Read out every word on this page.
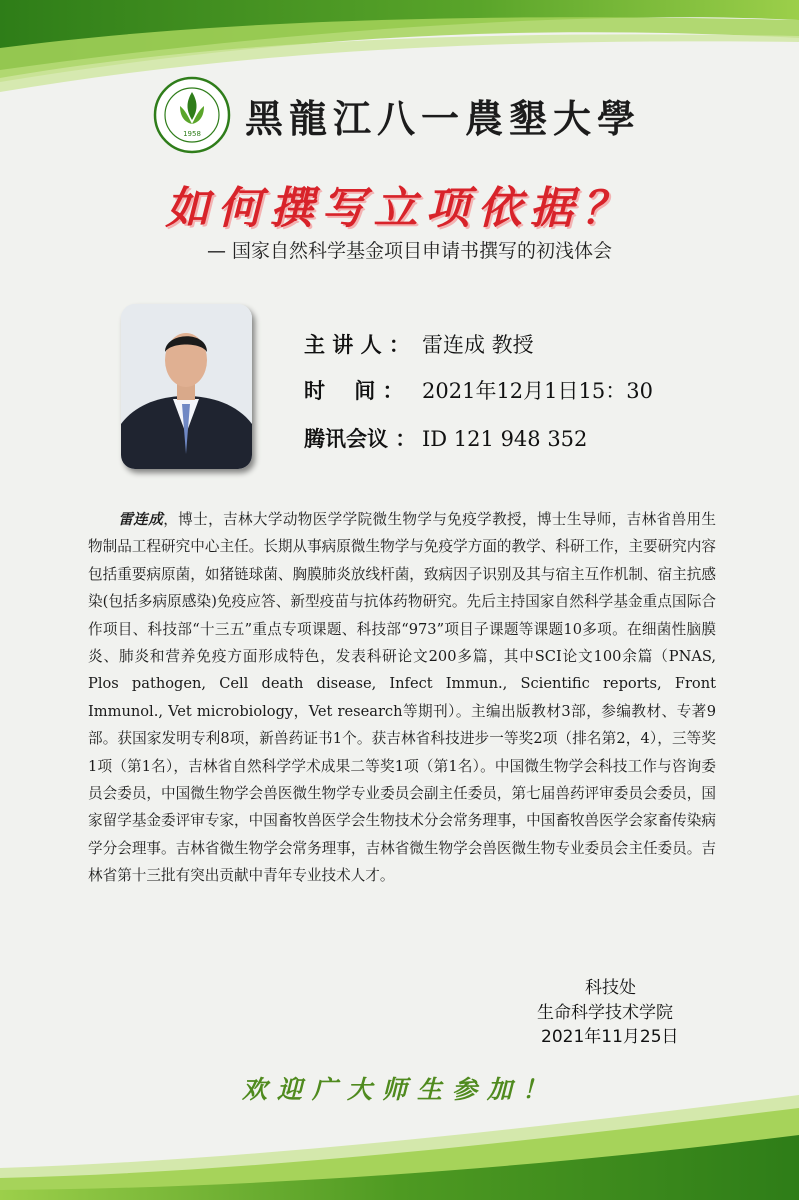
1958 黑龍江八一農墾大學
如何撰写立项依据？
— 国家自然科学基金项目申请书撰写的初浅体会
主 讲 人 ： 雷连成 教授
时    间 ： 2021年12月1日15：30
腾讯会议 ： ID 121 948 352
雷连成，博士，吉林大学动物医学学院微生物学与免疫学教授，博士生导师，吉林省兽用生物制品工程研究中心主任。长期从事病原微生物学与免疫学方面的教学、科研工作，主要研究内容包括重要病原菌，如猪链球菌、胸膜肺炎放线杆菌，致病因子识别及其与宿主互作机制、宿主抗感染(包括多病原感染)免疫应答、新型疫苗与抗体药物研究。先后主持国家自然科学基金重点国际合作项目、科技部“十三五”重点专项课题、科技部“973”项目子课题等课题10多项。在细菌性脑膜炎、肺炎和营养免疫方面形成特色，发表科研论文200多篇，其中SCI论文100余篇（PNAS, Plos pathogen, Cell death disease, Infect Immun., Scientific reports, Front Immunol., Vet microbiology，Vet research等期刊）。主编出版教材3部，参编教材、专著9部。获国家发明专利8项，新兽药证书1个。获吉林省科技进步一等奖2项（排名第2，4），三等奖1项（第1名），吉林省自然科学学术成果二等奖1项（第1名）。中国微生物学会科技工作与咨询委员会委员，中国微生物学会兽医微生物学专业委员会副主任委员，第七届兽药评审委员会委员，国家留学基金委评审专家，中国畜牧兽医学会生物技术分会常务理事，中国畜牧兽医学会家畜传染病学分会理事。吉林省微生物学会常务理事，吉林省微生物学会兽医微生物专业委员会主任委员。吉林省第十三批有突出贡献中青年专业技术人才。
科技处
生命科学技术学院
2021年11月25日
欢迎广大师生参加！
